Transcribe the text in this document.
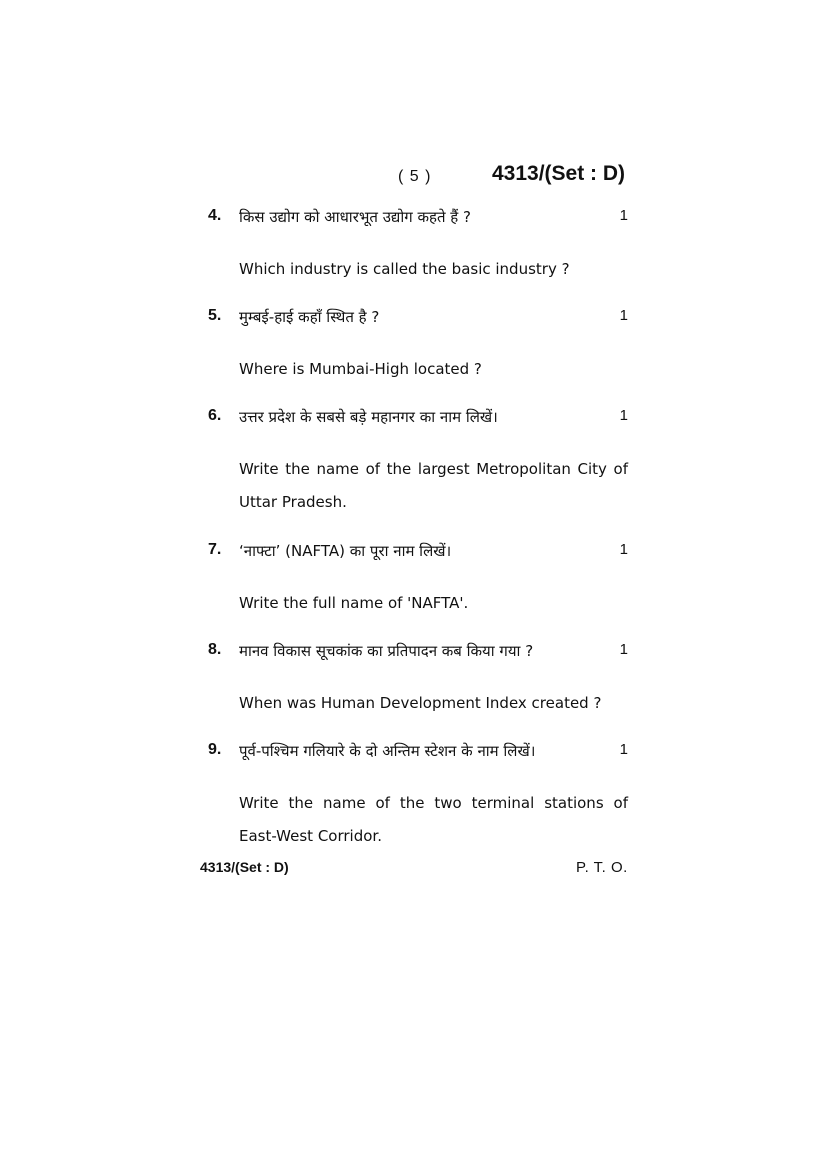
( 5 )	4313/(Set : D)
4. किस उद्योग को आधारभूत उद्योग कहते हैं ?	1
Which industry is called the basic industry ?
5. मुम्बई-हाई कहाँ स्थित है ?	1
Where is Mumbai-High located ?
6. उत्तर प्रदेश के सबसे बड़े महानगर का नाम लिखें।	1
Write the name of the largest Metropolitan City of Uttar Pradesh.
7. ‘नाफ्टा’ (NAFTA) का पूरा नाम लिखें।	1
Write the full name of 'NAFTA'.
8. मानव विकास सूचकांक का प्रतिपादन कब किया गया ?	1
When was Human Development Index created ?
9. पूर्व-पश्चिम गलियारे के दो अन्तिम स्टेशन के नाम लिखें।	1
Write the name of the two terminal stations of East-West Corridor.
4313/(Set : D)	P. T. O.
